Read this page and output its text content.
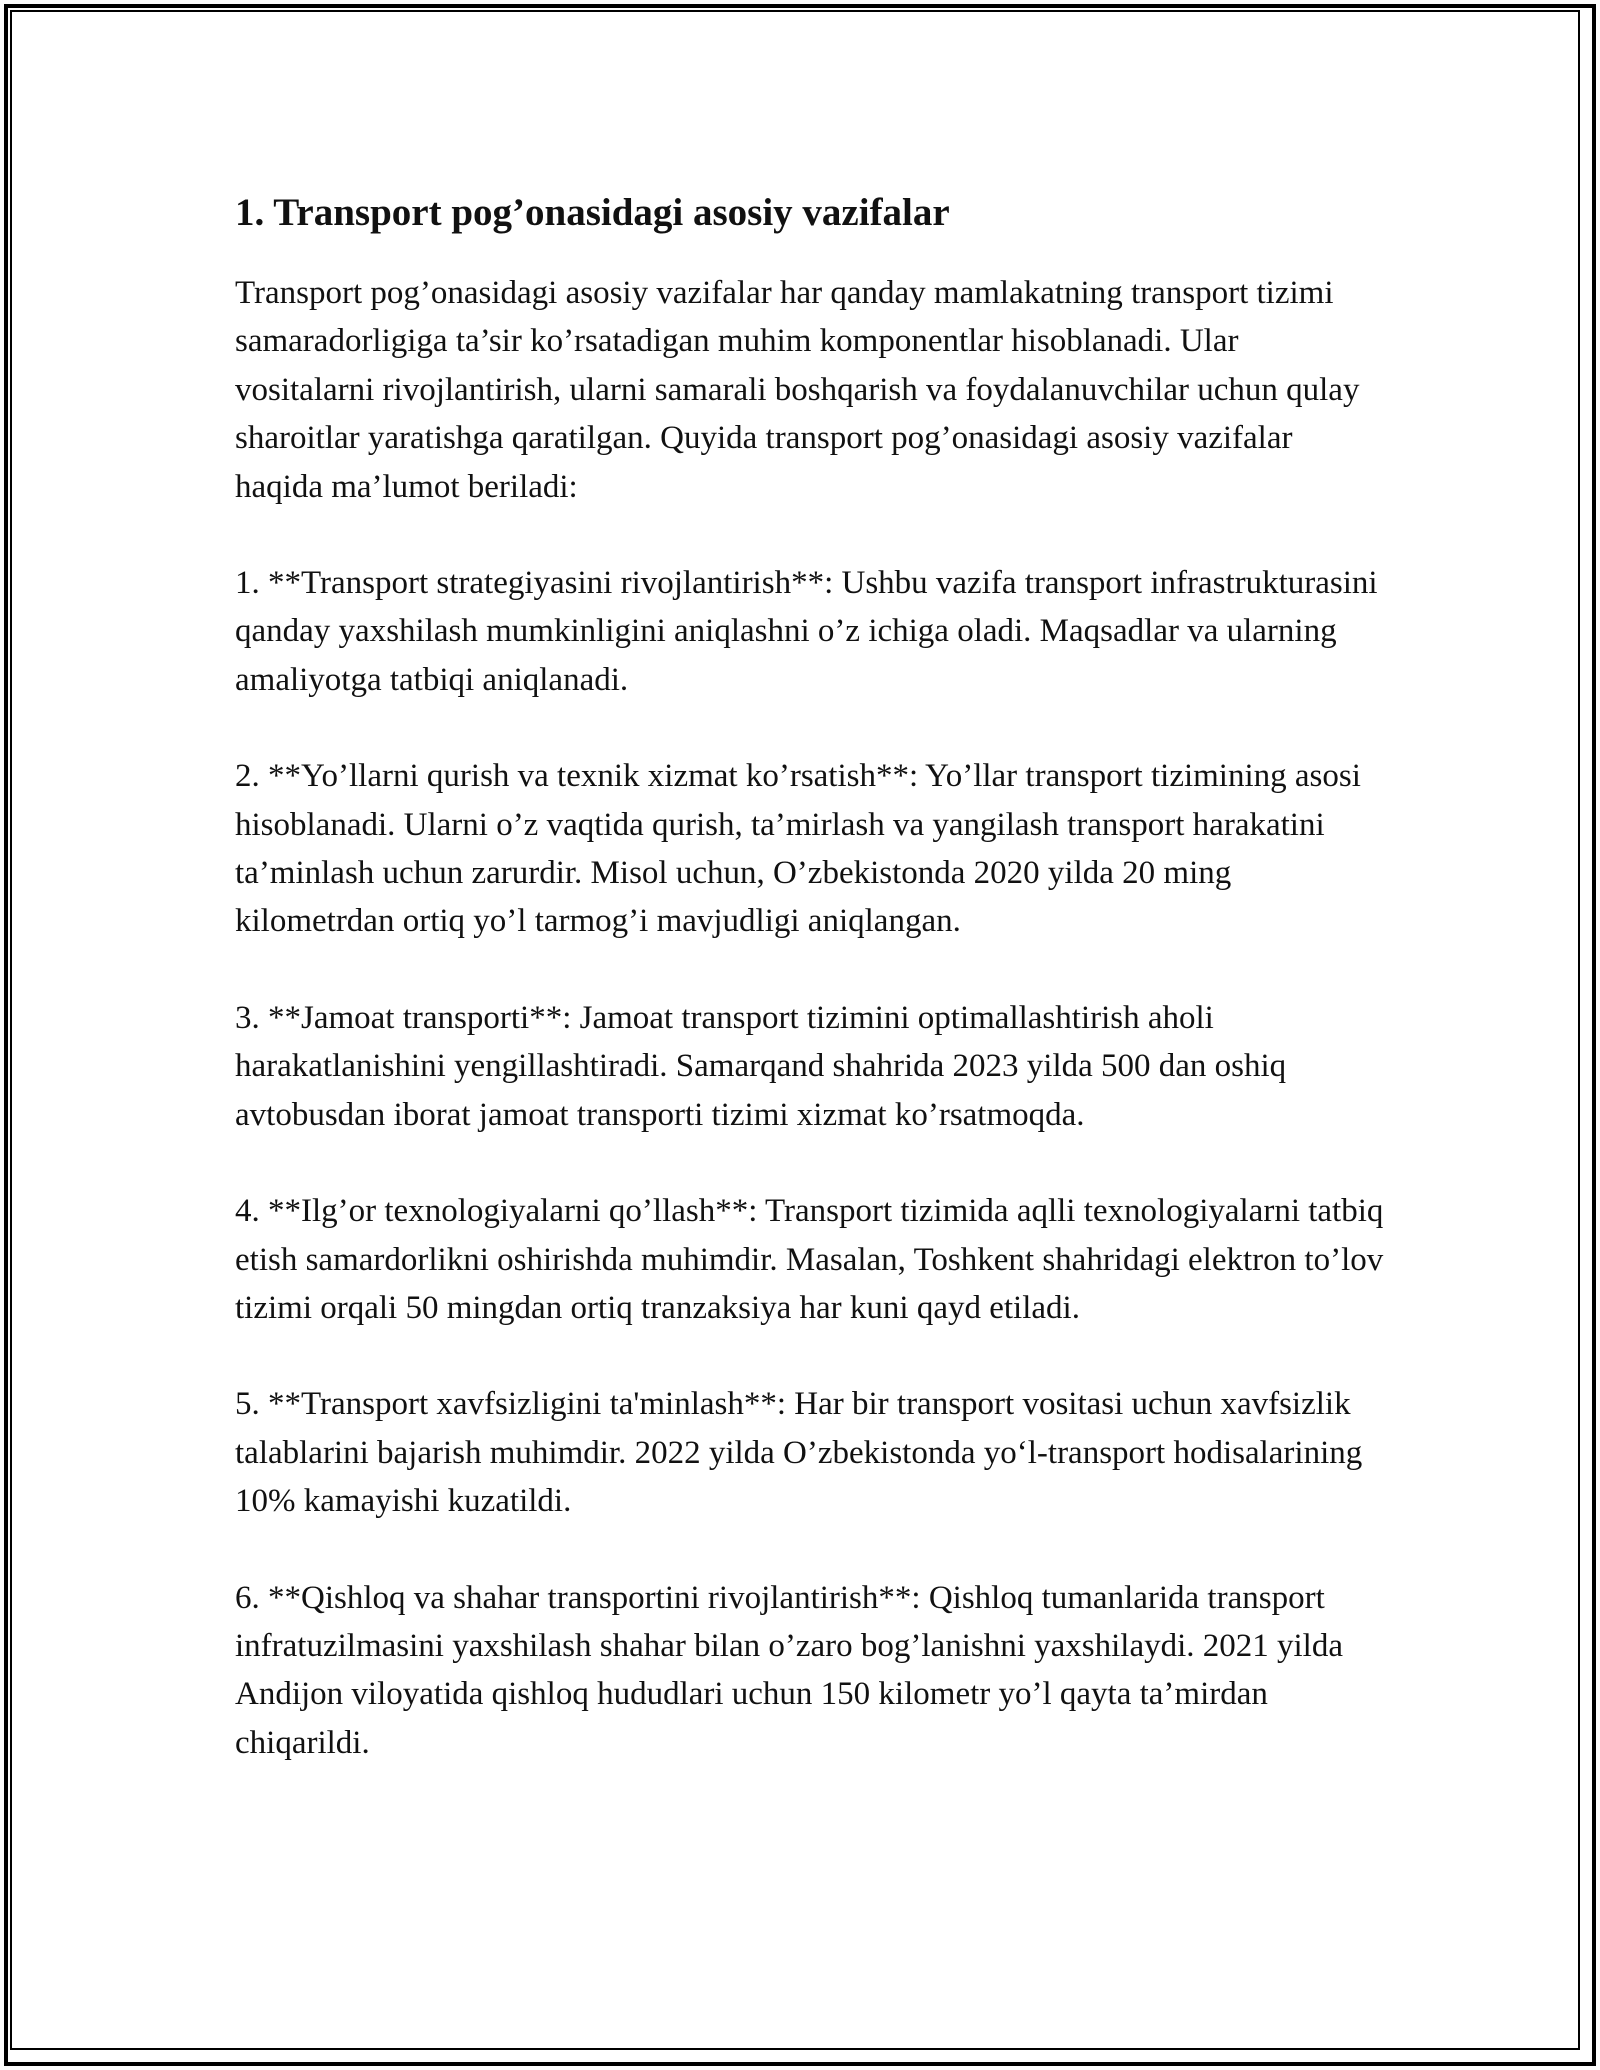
1. Transport pog’onasidagi asosiy vazifalar

Transport pog’onasidagi asosiy vazifalar har qanday mamlakatning transport tizimi samaradorligiga ta’sir ko’rsatadigan muhim komponentlar hisoblanadi. Ular vositalarni rivojlantirish, ularni samarali boshqarish va foydalanuvchilar uchun qulay sharoitlar yaratishga qaratilgan. Quyida transport pog’onasidagi asosiy vazifalar haqida ma’lumot beriladi:

1. **Transport strategiyasini rivojlantirish**: Ushbu vazifa transport infrastrukturasini qanday yaxshilash mumkinligini aniqlashni o’z ichiga oladi. Maqsadlar va ularning amaliyotga tatbiqi aniqlanadi.

2. **Yo’llarni qurish va texnik xizmat ko’rsatish**: Yo’llar transport tizimining asosi hisoblanadi. Ularni o’z vaqtida qurish, ta’mirlash va yangilash transport harakatini ta’minlash uchun zarurdir. Misol uchun, O’zbekistonda 2020 yilda 20 ming kilometrdan ortiq yo’l tarmog’i mavjudligi aniqlangan.

3. **Jamoat transporti**: Jamoat transport tizimini optimallashtirish aholi harakatlanishini yengillashtiradi. Samarqand shahrida 2023 yilda 500 dan oshiq avtobusdan iborat jamoat transporti tizimi xizmat ko’rsatmoqda.

4. **Ilg’or texnologiyalarni qo’llash**: Transport tizimida aqlli texnologiyalarni tatbiq etish samardorlikni oshirishda muhimdir. Masalan, Toshkent shahridagi elektron to’lov tizimi orqali 50 mingdan ortiq tranzaksiya har kuni qayd etiladi.

5. **Transport xavfsizligini ta'minlash**: Har bir transport vositasi uchun xavfsizlik talablarini bajarish muhimdir. 2022 yilda O’zbekistonda yo‘l-transport hodisalarining 10% kamayishi kuzatildi.

6. **Qishloq va shahar transportini rivojlantirish**: Qishloq tumanlarida transport infratuzilmasini yaxshilash shahar bilan o’zaro bog’lanishni yaxshilaydi. 2021 yilda Andijon viloyatida qishloq hududlari uchun 150 kilometr yo’l qayta ta’mirdan chiqarildi.
